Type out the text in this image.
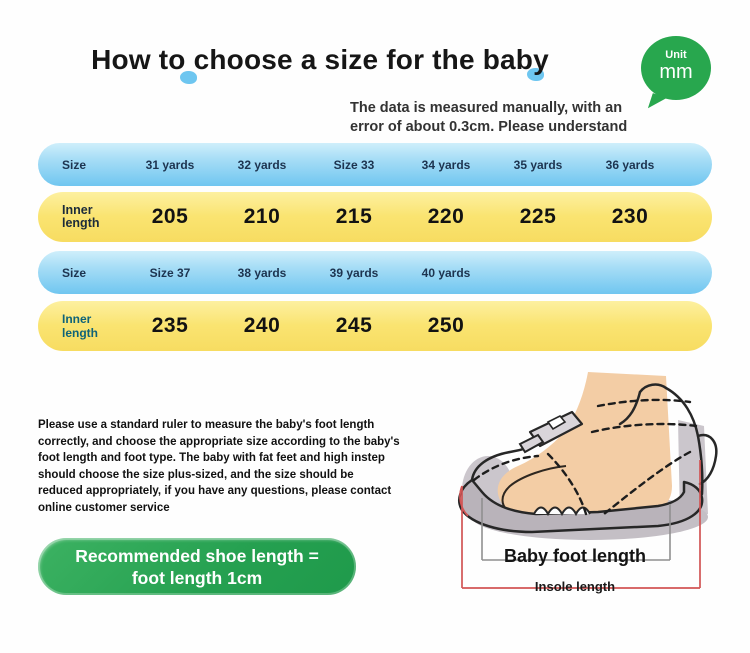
How to choose a size for the baby	Unit
mm
The data is measured manually, with an
error of about 0.3cm. Please understand
Size	31 yards	32 yards	Size 33	34 yards	35 yards	36 yards
Inner length	205	210	215	220	225	230
Size	Size 37	38 yards	39 yards	40 yards
Inner length	235	240	245	250

Please use a standard ruler to measure the baby's foot length correctly, and choose the appropriate size according to the baby's foot length and foot type. The baby with fat feet and high instep should choose the size plus-sized, and the size should be reduced appropriately, if you have any questions, please contact online customer service

Recommended shoe length =
foot length 1cm
Baby foot length
Insole length
